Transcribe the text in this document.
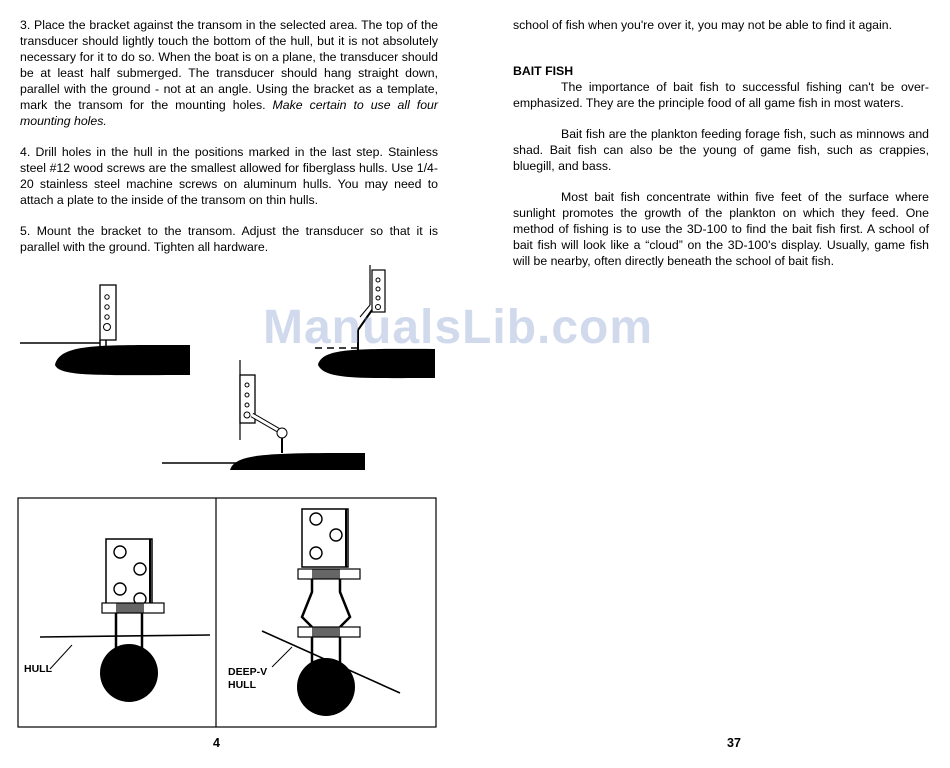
3. Place the bracket against the transom in the selected area. The top of the transducer should lightly touch the bottom of the hull, but it is not absolutely necessary for it to do so. When the boat is on a plane, the transducer should be at least half submerged. The transducer should hang straight down, parallel with the ground - not at an angle. Using the bracket as a template, mark the transom for the mounting holes. Make certain to use all four mounting holes.

4. Drill holes in the hull in the positions marked in the last step. Stainless steel #12 wood screws are the smallest allowed for fiberglass hulls. Use 1/4-20 stainless steel machine screws on aluminum hulls. You may need to attach a plate to the inside of the transom on thin hulls.

5. Mount the bracket to the transom. Adjust the transducer so that it is parallel with the ground. Tighten all hardware.

HULL	DEEP-V
HULL
4

school of fish when you're over it, you may not be able to find it again.

BAIT FISH

The importance of bait fish to successful fishing can't be over-emphasized. They are the principle food of all game fish in most waters.

Bait fish are the plankton feeding forage fish, such as minnows and shad. Bait fish can also be the young of game fish, such as crappies, bluegill, and bass.

Most bait fish concentrate within five feet of the surface where sunlight promotes the growth of the plankton on which they feed. One method of fishing is to use the 3D-100 to find the bait fish first. A school of bait fish will look like a “cloud” on the 3D-100's display. Usually, game fish will be nearby, often directly beneath the school of bait fish.

37
ManualsLib.com
